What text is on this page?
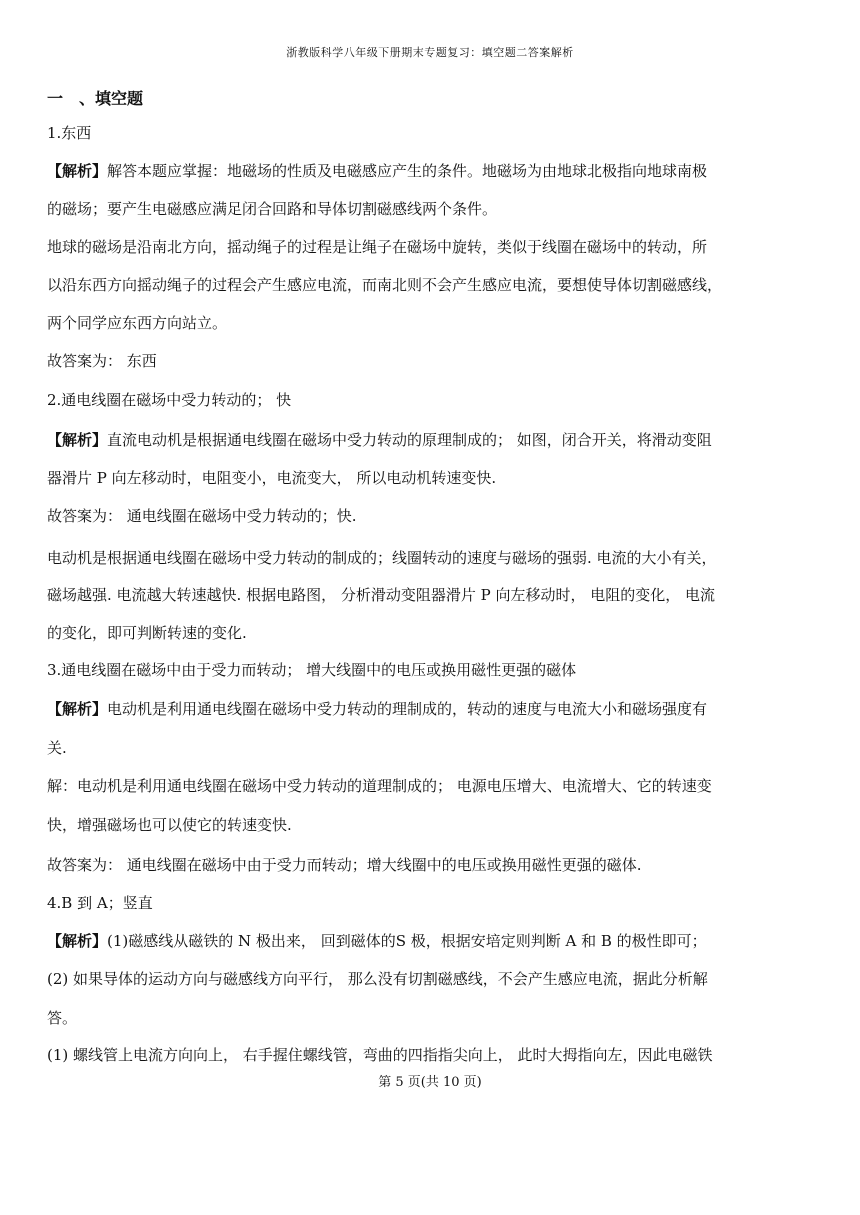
浙教版科学八年级下册期末专题复习：填空题二答案解析
一　、填空题
1.东西
【解析】解答本题应掌握：地磁场的性质及电磁感应产生的条件。地磁场为由地球北极指向地球南极
的磁场；要产生电磁感应满足闭合回路和导体切割磁感线两个条件。
地球的磁场是沿南北方向，摇动绳子的过程是让绳子在磁场中旋转，类似于线圈在磁场中的转动，所
以沿东西方向摇动绳子的过程会产生感应电流，而南北则不会产生感应电流，要想使导体切割磁感线，
两个同学应东西方向站立。
故答案为： 东西
2.通电线圈在磁场中受力转动的； 快
【解析】直流电动机是根据通电线圈在磁场中受力转动的原理制成的； 如图，闭合开关，将滑动变阻
器滑片 P 向左移动时，电阻变小，电流变大， 所以电动机转速变快.
故答案为： 通电线圈在磁场中受力转动的；快.
电动机是根据通电线圈在磁场中受力转动的制成的；线圈转动的速度与磁场的强弱. 电流的大小有关，
磁场越强. 电流越大转速越快. 根据电路图， 分析滑动变阻器滑片 P 向左移动时， 电阻的变化， 电流
的变化，即可判断转速的变化.
3.通电线圈在磁场中由于受力而转动； 增大线圈中的电压或换用磁性更强的磁体
【解析】电动机是利用通电线圈在磁场中受力转动的理制成的，转动的速度与电流大小和磁场强度有
关.
解：电动机是利用通电线圈在磁场中受力转动的道理制成的； 电源电压增大、电流增大、它的转速变
快，增强磁场也可以使它的转速变快.
故答案为： 通电线圈在磁场中由于受力而转动；增大线圈中的电压或换用磁性更强的磁体.
4.B 到 A；竖直
【解析】(1)磁感线从磁铁的 N 极出来， 回到磁体的S 极，根据安培定则判断 A 和 B 的极性即可；
(2) 如果导体的运动方向与磁感线方向平行， 那么没有切割磁感线，不会产生感应电流，据此分析解
答。
(1) 螺线管上电流方向向上， 右手握住螺线管，弯曲的四指指尖向上， 此时大拇指向左，因此电磁铁
第 5 页(共 10 页)
